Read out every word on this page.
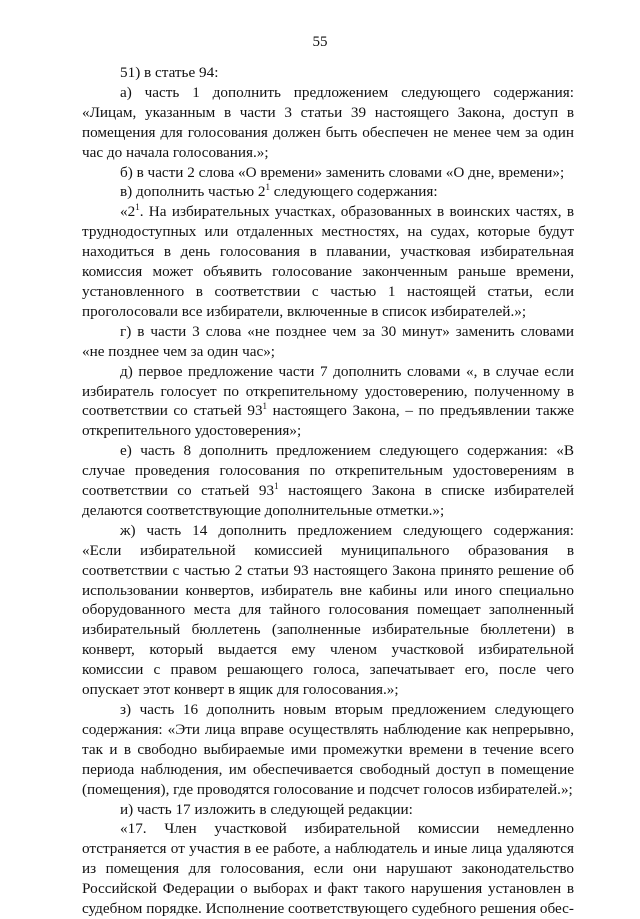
55

51) в статье 94:

а) часть 1 дополнить предложением следующего содержания: «Лицам, указанным в части 3 статьи 39 настоящего Закона, доступ в помещения для голосования должен быть обеспечен не менее чем за один час до начала голосования.»;

б) в части 2 слова «О времени» заменить словами «О дне, времени»;

в) дополнить частью $2^1$ следующего содержания:

«$2^1$. На избирательных участках, образованных в воинских частях, в труднодоступных или отдаленных местностях, на судах, которые будут находиться в день голосования в плавании, участковая избирательная комиссия может объявить голосование законченным раньше времени, установленного в соответствии с частью 1 настоящей статьи, если проголосовали все избиратели, включенные в список избирателей.»;

г) в части 3 слова «не позднее чем за 30 минут» заменить словами «не позднее чем за один час»;

д) первое предложение части 7 дополнить словами «, в случае если избиратель голосует по открепительному удостоверению, полученному в соответствии со статьей $93^1$ настоящего Закона, – по предъявлении также открепительного удостоверения»;

е) часть 8 дополнить предложением следующего содержания: «В случае проведения голосования по открепительным удостоверениям в соответствии со статьей $93^1$ настоящего Закона в списке избирателей делаются соответствующие дополнительные отметки.»;

ж) часть 14 дополнить предложением следующего содержания: «Если избирательной комиссией муниципального образования в соответствии с частью 2 статьи 93 настоящего Закона принято решение об использовании конвертов, избиратель вне кабины или иного специально оборудованного места для тайного голосования помещает заполненный избирательный бюллетень (заполненные избирательные бюллетени) в конверт, который выдается ему членом участковой избирательной комиссии с правом решающего голоса, запечатывает его, после чего опускает этот конверт в ящик для голосования.»;

з) часть 16 дополнить новым вторым предложением следующего содержания: «Эти лица вправе осуществлять наблюдение как непрерывно, так и в свободно выбираемые ими промежутки времени в течение всего периода наблюдения, им обеспечивается свободный доступ в помещение (помещения), где проводятся голосование и подсчет голосов избирателей.»;

и) часть 17 изложить в следующей редакции:

«17. Член участковой избирательной комиссии немедленно отстраняется от участия в ее работе, а наблюдатель и иные лица удаляются из помещения для голосования, если они нарушают законодательство Российской Федерации о выборах и факт такого нарушения установлен в судебном порядке. Исполнение соответствующего судебного решения обес-
